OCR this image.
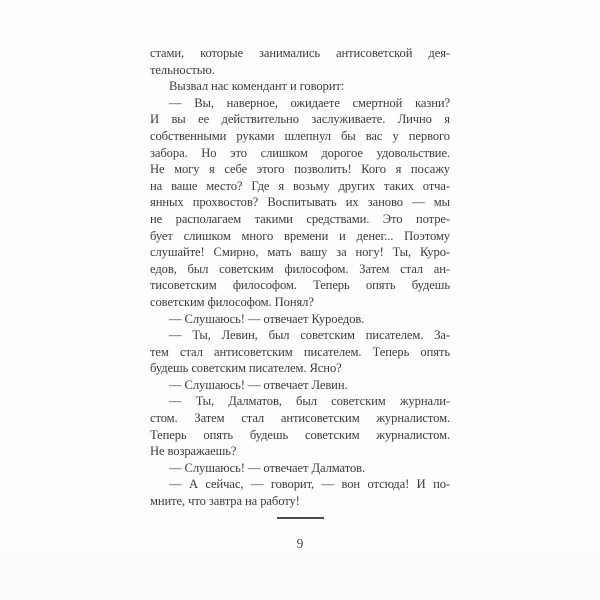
стами, которые занимались антисоветской дея-
тельностью.
Вызвал нас комендант и говорит:
— Вы, наверное, ожидаете смертной казни?
И вы ее действительно заслуживаете. Лично я
собственными руками шлепнул бы вас у первого
забора. Но это слишком дорогое удовольствие.
Не могу я себе этого позволить! Кого я посажу
на ваше место? Где я возьму других таких отча-
янных прохвостов? Воспитывать их заново — мы
не располагаем такими средствами. Это потре-
бует слишком много времени и денег... Поэтому
слушайте! Смирно, мать вашу за ногу! Ты, Куро-
едов, был советским философом. Затем стал ан-
тисоветским философом. Теперь опять будешь
советским философом. Понял?
— Слушаюсь! — отвечает Куроедов.
— Ты, Левин, был советским писателем. За-
тем стал антисоветским писателем. Теперь опять
будешь советским писателем. Ясно?
— Слушаюсь! — отвечает Левин.
— Ты, Далматов, был советским журнали-
стом. Затем стал антисоветским журналистом.
Теперь опять будешь советским журналистом.
Не возражаешь?
— Слушаюсь! — отвечает Далматов.
— А сейчас, — говорит, — вон отсюда! И по-
мните, что завтра на работу!
9
